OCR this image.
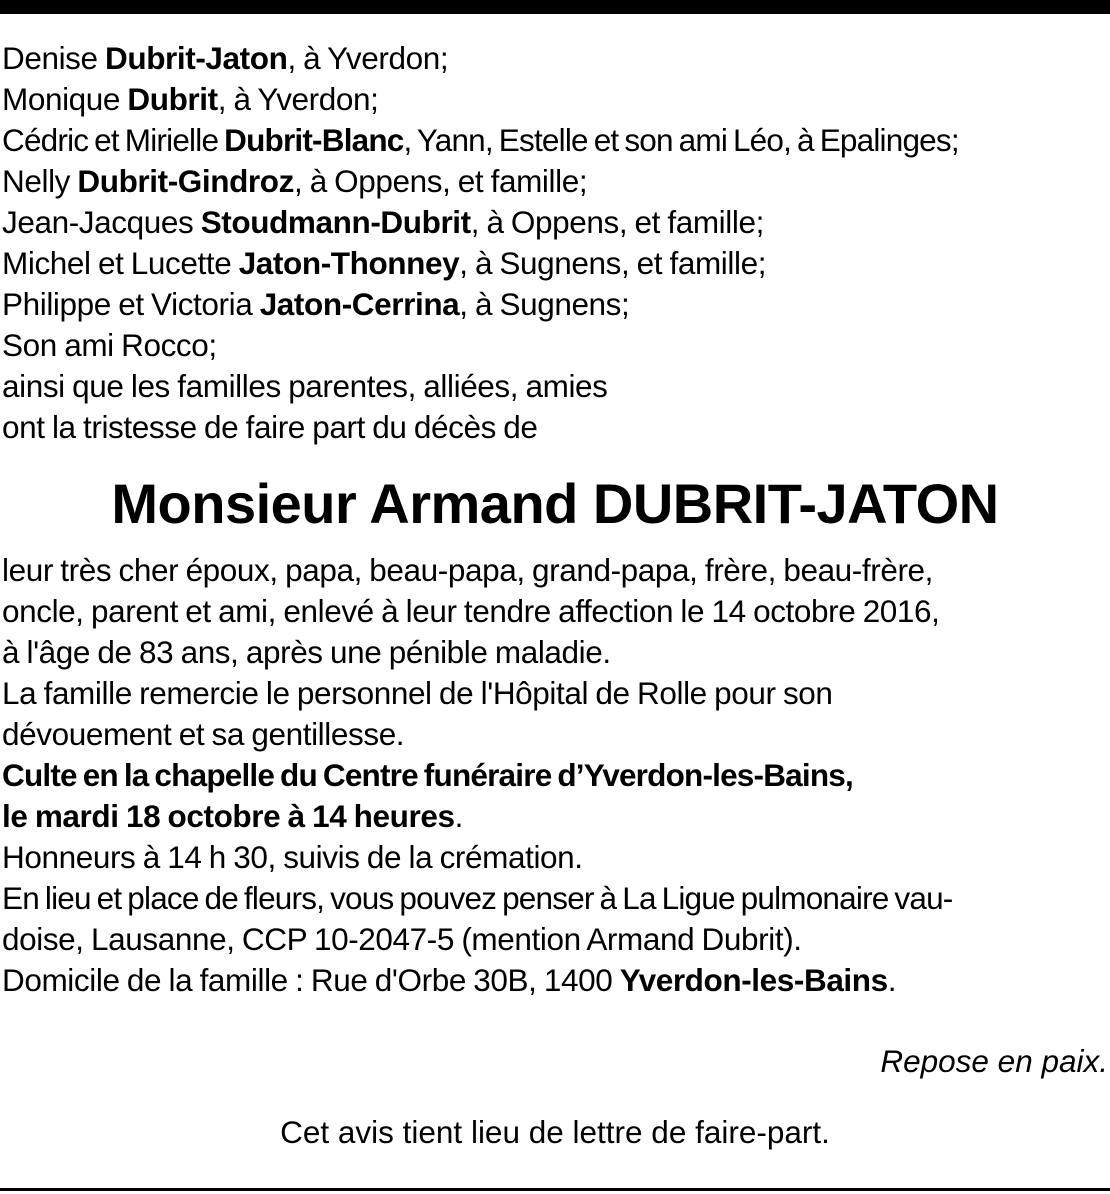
Denise Dubrit-Jaton, à Yverdon;
Monique Dubrit, à Yverdon;
Cédric et Mirielle Dubrit-Blanc, Yann, Estelle et son ami Léo, à Epalinges;
Nelly Dubrit-Gindroz, à Oppens, et famille;
Jean-Jacques Stoudmann-Dubrit, à Oppens, et famille;
Michel et Lucette Jaton-Thonney, à Sugnens, et famille;
Philippe et Victoria Jaton-Cerrina, à Sugnens;
Son ami Rocco;
ainsi que les familles parentes, alliées, amies
ont la tristesse de faire part du décès de
Monsieur Armand DUBRIT-JATON
leur très cher époux, papa, beau-papa, grand-papa, frère, beau-frère,
oncle, parent et ami, enlevé à leur tendre affection le 14 octobre 2016,
à l'âge de 83 ans, après une pénible maladie.
La famille remercie le personnel de l'Hôpital de Rolle pour son
dévouement et sa gentillesse.
Culte en la chapelle du Centre funéraire d’Yverdon-les-Bains,
le mardi 18 octobre à 14 heures.
Honneurs à 14 h 30, suivis de la crémation.
En lieu et place de fleurs, vous pouvez penser à La Ligue pulmonaire vau-
doise, Lausanne, CCP 10-2047-5 (mention Armand Dubrit).
Domicile de la famille : Rue d'Orbe 30B, 1400 Yverdon-les-Bains.
Repose en paix.
Cet avis tient lieu de lettre de faire-part.
